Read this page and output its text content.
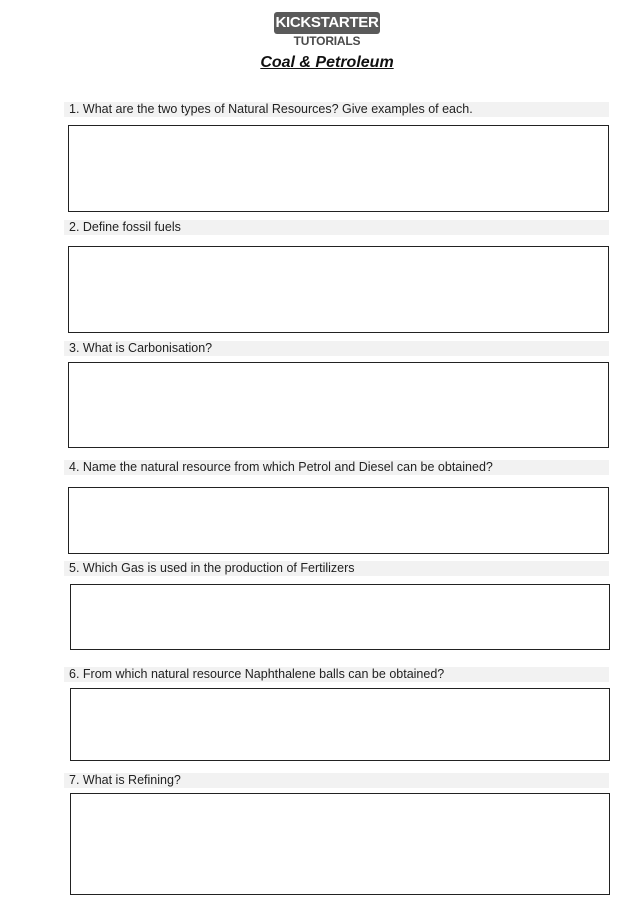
KICKSTARTER
TUTORIALS
Coal & Petroleum
1. What are the two types of Natural Resources? Give examples of each.
2. Define fossil fuels
3. What is Carbonisation?
4. Name the natural resource from which Petrol and Diesel can be obtained?
5. Which Gas is used in the production of Fertilizers
6. From which natural resource Naphthalene balls can be obtained?
7. What is Refining?
